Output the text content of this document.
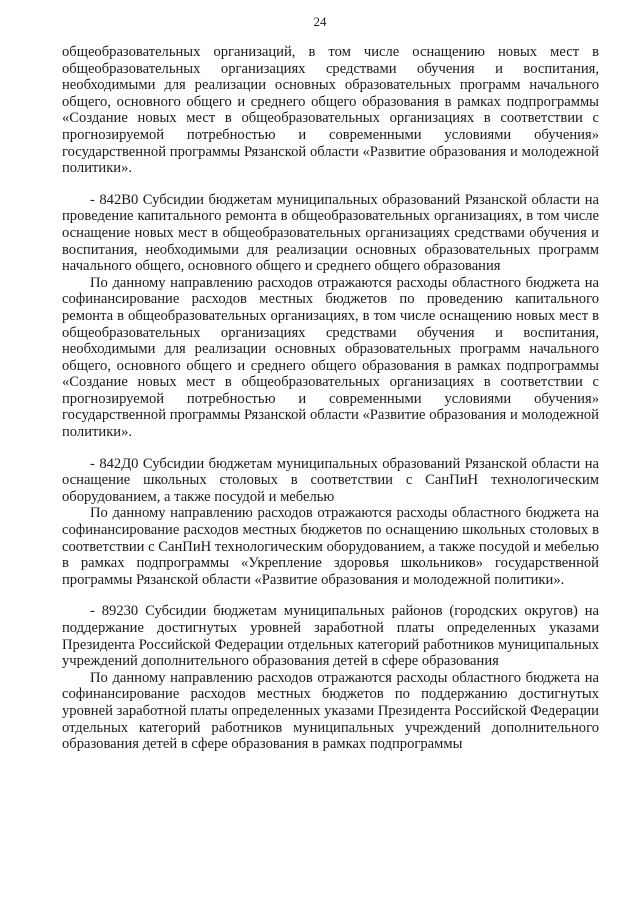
24

общеобразовательных организаций, в том числе оснащению новых мест в общеобразовательных организациях средствами обучения и воспитания, необходимыми для реализации основных образовательных программ начального общего, основного общего и среднего общего образования в рамках подпрограммы «Создание новых мест в общеобразовательных организациях в соответствии с прогнозируемой потребностью и современными условиями обучения» государственной программы Рязанской области «Развитие образования и молодежной политики».

- 842В0 Субсидии бюджетам муниципальных образований Рязанской области на проведение капитального ремонта в общеобразовательных организациях, в том числе оснащение новых мест в общеобразовательных организациях средствами обучения и воспитания, необходимыми для реализации основных образовательных программ начального общего, основного общего и среднего общего образования

По данному направлению расходов отражаются расходы областного бюджета на софинансирование расходов местных бюджетов по проведению капитального ремонта в общеобразовательных организациях, в том числе оснащению новых мест в общеобразовательных организациях средствами обучения и воспитания, необходимыми для реализации основных образовательных программ начального общего, основного общего и среднего общего образования в рамках подпрограммы «Создание новых мест в общеобразовательных организациях в соответствии с прогнозируемой потребностью и современными условиями обучения» государственной программы Рязанской области «Развитие образования и молодежной политики».

- 842Д0 Субсидии бюджетам муниципальных образований Рязанской области на оснащение школьных столовых в соответствии с СанПиН технологическим оборудованием, а также посудой и мебелью

По данному направлению расходов отражаются расходы областного бюджета на софинансирование расходов местных бюджетов по оснащению школьных столовых в соответствии с СанПиН технологическим оборудованием, а также посудой и мебелью в рамках подпрограммы «Укрепление здоровья школьников» государственной программы Рязанской области «Развитие образования и молодежной политики».

- 89230 Субсидии бюджетам муниципальных районов (городских округов) на поддержание достигнутых уровней заработной платы определенных указами Президента Российской Федерации отдельных категорий работников муниципальных учреждений дополнительного образования детей в сфере образования

По данному направлению расходов отражаются расходы областного бюджета на софинансирование расходов местных бюджетов по поддержанию достигнутых уровней заработной платы определенных указами Президента Российской Федерации отдельных категорий работников муниципальных учреждений дополнительного образования детей в сфере образования в рамках подпрограммы
